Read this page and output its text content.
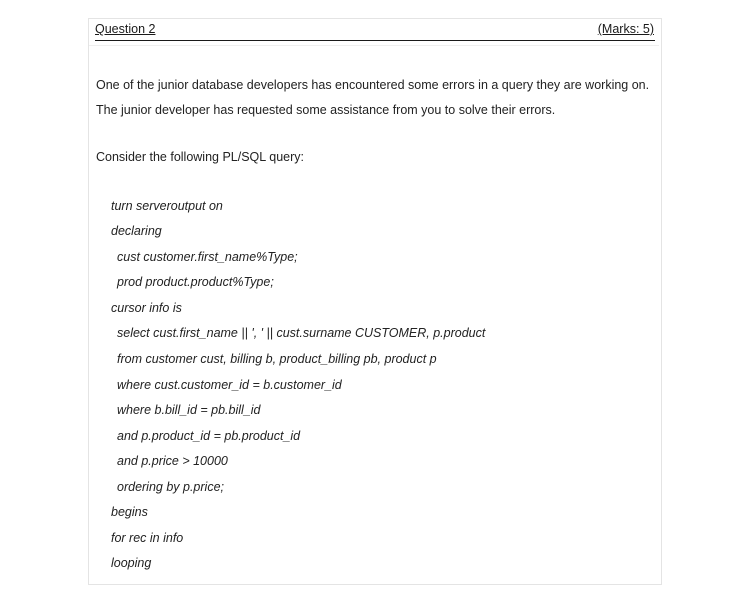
Question 2	(Marks: 5)
One of the junior database developers has encountered some errors in a query they are working on. The junior developer has requested some assistance from you to solve their errors.
Consider the following PL/SQL query:
turn serveroutput on
declaring
cust customer.first_name%Type;
prod product.product%Type;
cursor info is
select cust.first_name || ', ' || cust.surname CUSTOMER, p.product
from customer cust, billing b, product_billing pb, product p
where cust.customer_id = b.customer_id
where b.bill_id = pb.bill_id
and p.product_id = pb.product_id
and p.price > 10000
ordering by p.price;
begins
for rec in info
looping
